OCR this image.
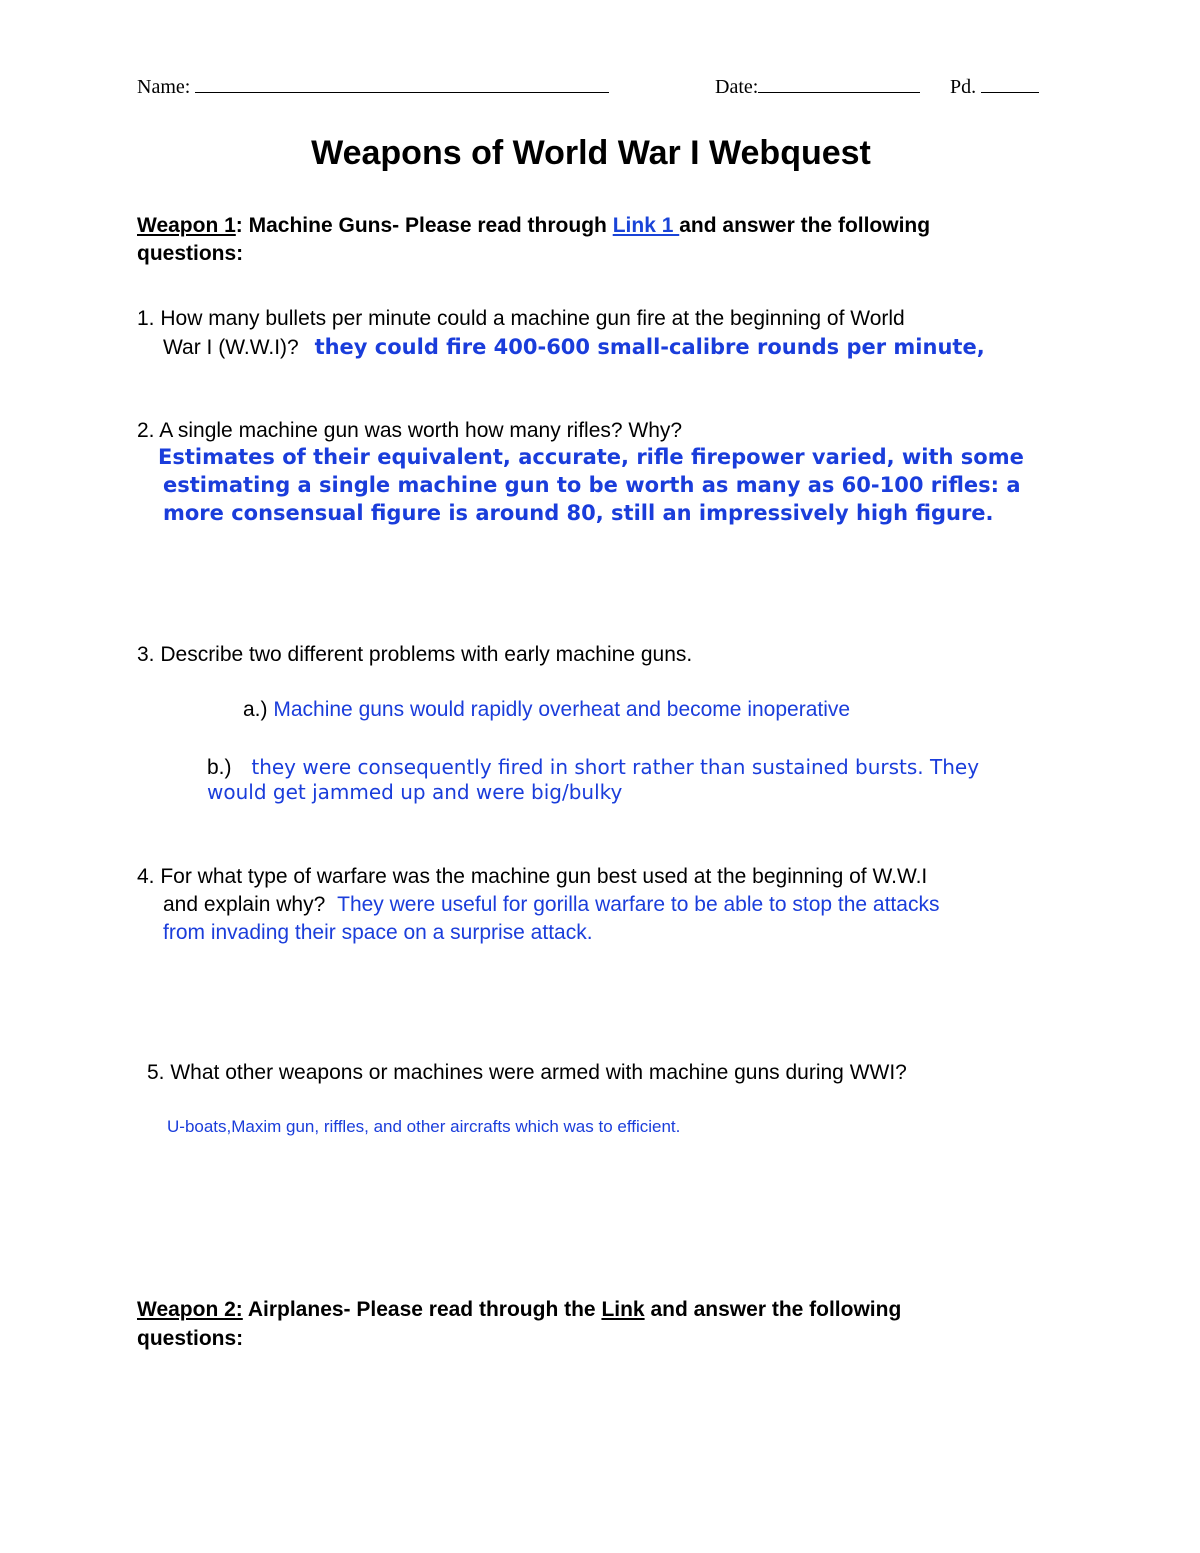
Name:	Date:	Pd.
Weapons of World War I Webquest
Weapon 1: Machine Guns- Please read through Link 1 and answer the following
questions:
1. How many bullets per minute could a machine gun fire at the beginning of World
War I (W.W.I)? they could fire 400-600 small-calibre rounds per minute,
2. A single machine gun was worth how many rifles? Why?
Estimates of their equivalent, accurate, rifle firepower varied, with some
estimating a single machine gun to be worth as many as 60-100 rifles: a
more consensual figure is around 80, still an impressively high figure.
3. Describe two different problems with early machine guns.
a.) Machine guns would rapidly overheat and become inoperative
b.) they were consequently fired in short rather than sustained bursts. They
would get jammed up and were big/bulky
4. For what type of warfare was the machine gun best used at the beginning of W.W.I
and explain why? They were useful for gorilla warfare to be able to stop the attacks
from invading their space on a surprise attack.
5. What other weapons or machines were armed with machine guns during WWI?
U-boats,Maxim gun, riffles, and other aircrafts which was to efficient.
Weapon 2: Airplanes- Please read through the Link and answer the following
questions:
